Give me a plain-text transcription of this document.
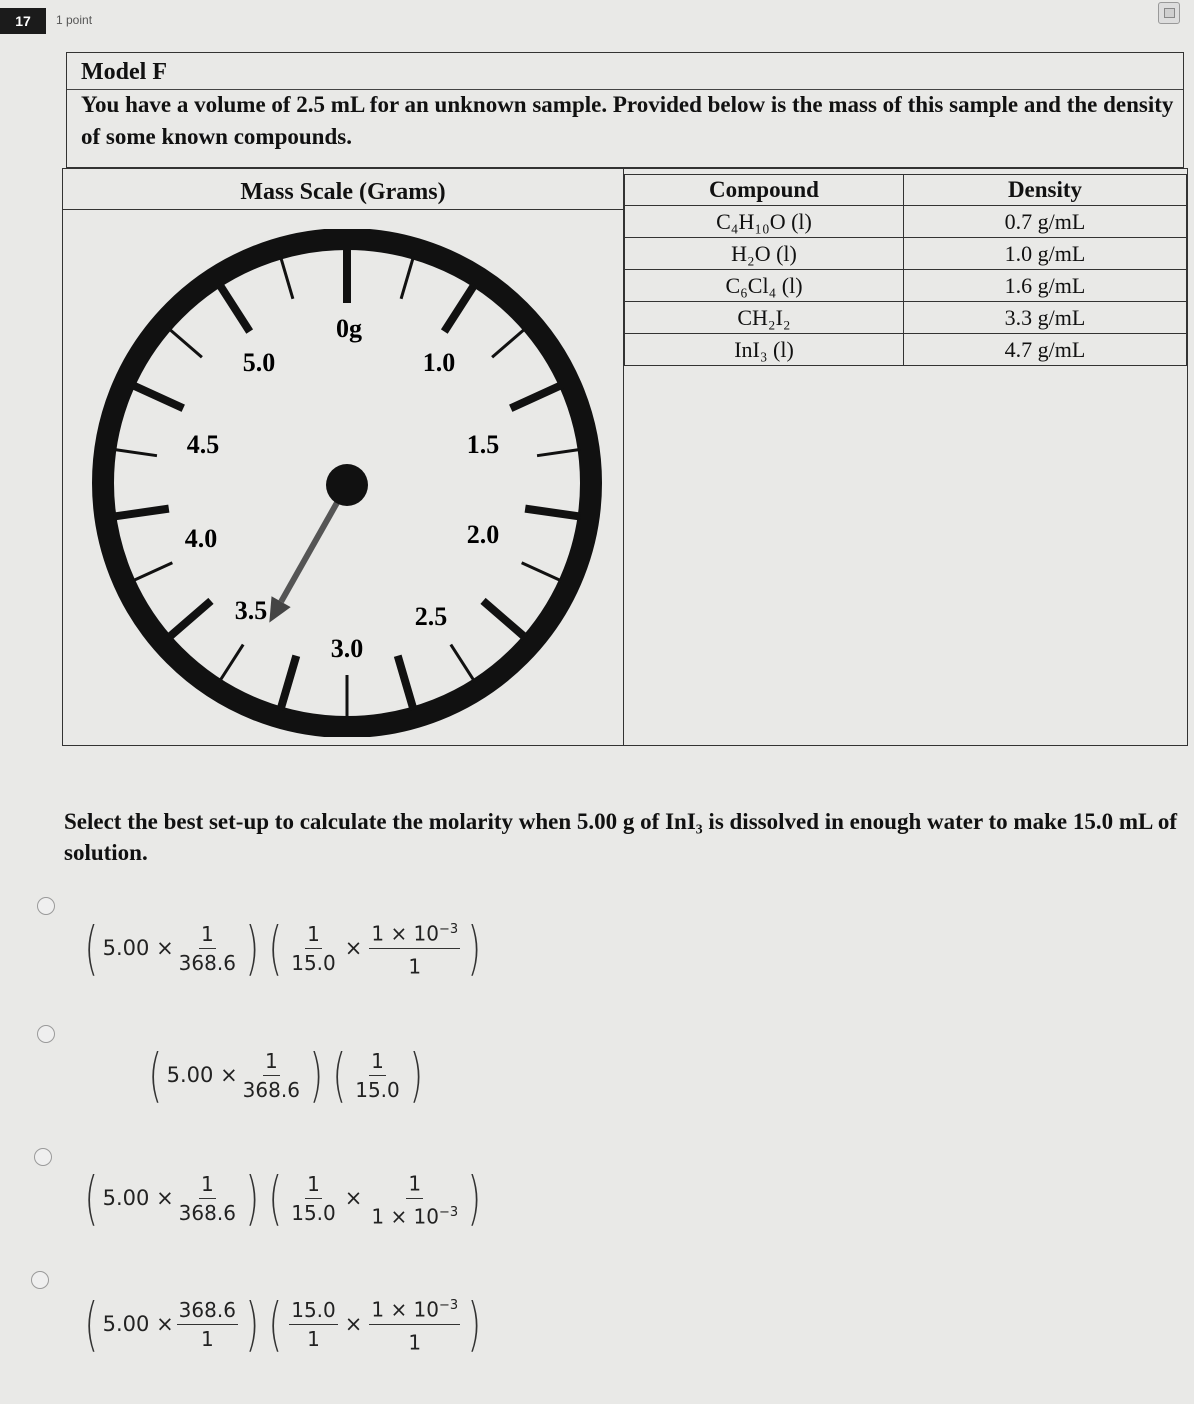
17	1 point
Model F
You have a volume of 2.5 mL for an unknown sample. Provided below is the mass of this sample and the density of some known compounds.
Mass Scale (Grams)
0g
1.0
1.5
2.0
2.5
3.0
3.5
4.0
4.5
5.0
Compound	Density
C₄H₁₀O (l)	0.7 g/mL
H₂O (l)	1.0 g/mL
C₆Cl₄ (l)	1.6 g/mL
CH₂I₂	3.3 g/mL
InI₃ (l)	4.7 g/mL
Select the best set-up to calculate the molarity when 5.00 g of InI₃ is dissolved in enough water to make 15.0 mL of solution.
( $5.00 \times \frac{1}{368.6}$ ) ( $\frac{1}{15.0} \times \frac{1 \times 10^{-3}}{1}$ )
( $5.00 \times \frac{1}{368.6}$ ) ( $\frac{1}{15.0}$ )
( $5.00 \times \frac{1}{368.6}$ ) ( $\frac{1}{15.0} \times \frac{1}{1 \times 10^{-3}}$ )
( $5.00 \times \frac{368.6}{1}$ ) ( $\frac{15.0}{1} \times \frac{1 \times 10^{-3}}{1}$ )
